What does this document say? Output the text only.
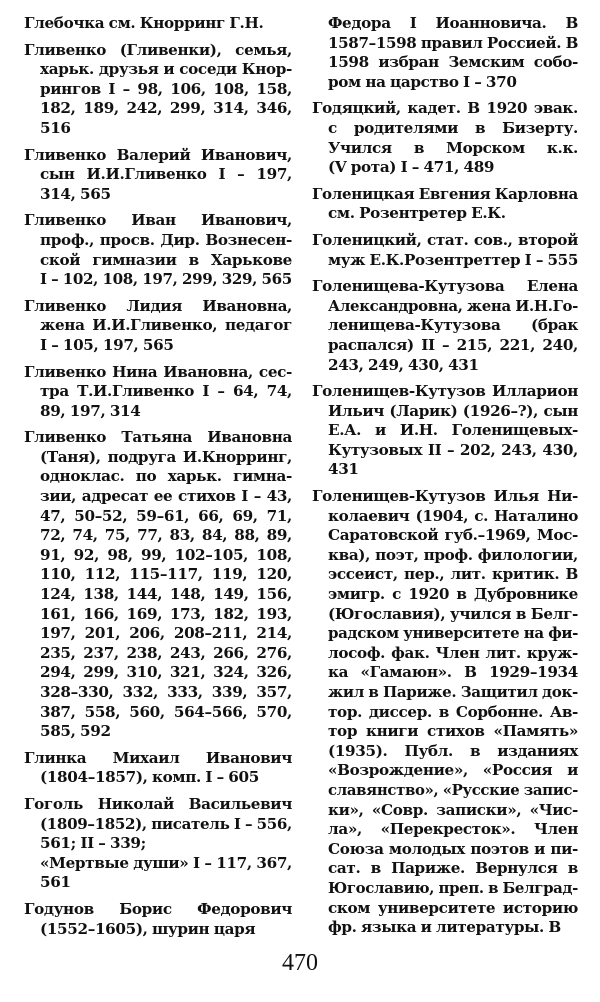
Глебочка см. Кнорринг Г.Н.
Гливенко (Гливенки), семья,
харьк. друзья и соседи Кнор-
рингов I – 98, 106, 108, 158,
182, 189, 242, 299, 314, 346,
516
Гливенко Валерий Иванович,
сын И.И.Гливенко I – 197,
314, 565
Гливенко Иван Иванович,
проф., просв. Дир. Вознесен-
ской гимназии в Харькове
I – 102, 108, 197, 299, 329, 565
Гливенко Лидия Ивановна,
жена И.И.Гливенко, педагог
I – 105, 197, 565
Гливенко Нина Ивановна, сес-
тра Т.И.Гливенко I – 64, 74,
89, 197, 314
Гливенко Татьяна Ивановна
(Таня), подруга И.Кнорринг,
одноклас. по харьк. гимна-
зии, адресат ее стихов I – 43,
47, 50–52, 59–61, 66, 69, 71,
72, 74, 75, 77, 83, 84, 88, 89,
91, 92, 98, 99, 102–105, 108,
110, 112, 115–117, 119, 120,
124, 138, 144, 148, 149, 156,
161, 166, 169, 173, 182, 193,
197, 201, 206, 208–211, 214,
235, 237, 238, 243, 266, 276,
294, 299, 310, 321, 324, 326,
328–330, 332, 333, 339, 357,
387, 558, 560, 564–566, 570,
585, 592
Глинка Михаил Иванович
(1804–1857), комп. I – 605
Гоголь Николай Васильевич
(1809–1852), писатель I – 556,
561; II – 339;
«Мертвые души» I – 117, 367,
561
Годунов Борис Федорович
(1552–1605), шурин царя
Федора I Иоанновича. В
1587–1598 правил Россией. В
1598 избран Земским собо-
ром на царство I – 370
Годяцкий, кадет. В 1920 эвак.
с родителями в Бизерту.
Учился в Морском к.к.
(V рота) I – 471, 489
Голеницкая Евгения Карловна
см. Розентретер Е.К.
Голеницкий, стат. сов., второй
муж Е.К.Розентреттер I – 555
Голенищева-Кутузова Елена
Александровна, жена И.Н.Го-
ленищева-Кутузова (брак
распался) II – 215, 221, 240,
243, 249, 430, 431
Голенищев-Кутузов Илларион
Ильич (Ларик) (1926–?), сын
Е.А. и И.Н. Голенищевых-
Кутузовых II – 202, 243, 430,
431
Голенищев-Кутузов Илья Ни-
колаевич (1904, с. Наталино
Саратовской губ.–1969, Мос-
ква), поэт, проф. филологии,
эссеист, пер., лит. критик. В
эмигр. с 1920 в Дубровнике
(Югославия), учился в Белг-
радском университете на фи-
лософ. фак. Член лит. круж-
ка «Гамаюн». В 1929–1934
жил в Париже. Защитил док-
тор. диссер. в Сорбонне. Ав-
тор книги стихов «Память»
(1935). Публ. в изданиях
«Возрождение», «Россия и
славянство», «Русские запис-
ки», «Совр. записки», «Чис-
ла», «Перекресток». Член
Союза молодых поэтов и пи-
сат. в Париже. Вернулся в
Югославию, преп. в Белград-
ском университете историю
фр. языка и литературы. В
470
